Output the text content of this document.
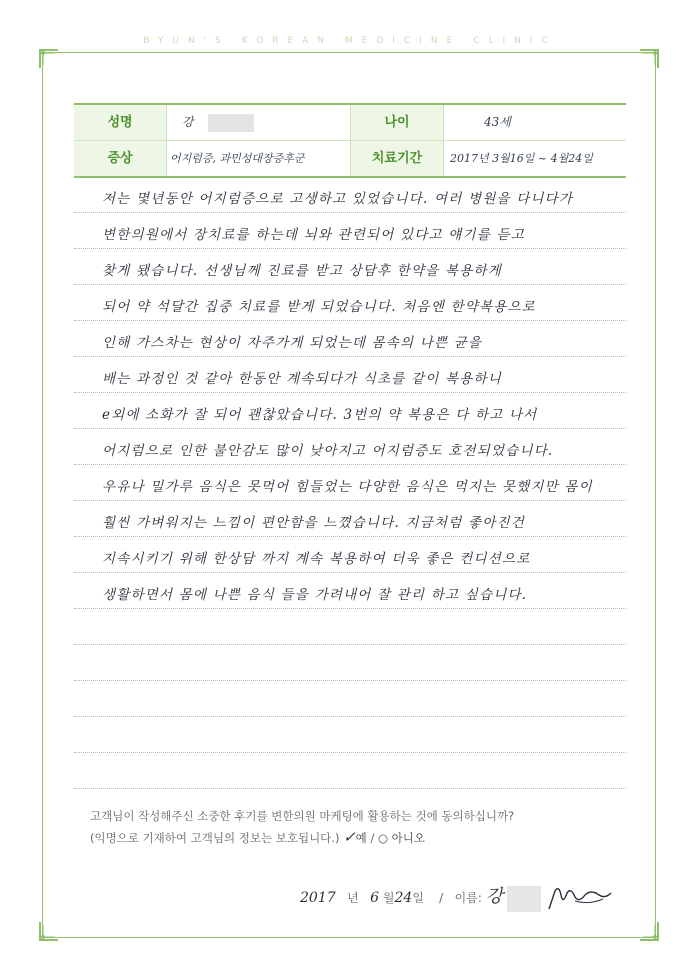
BYUN'S KOREAN MEDICINE CLINIC
성명	강	나이	43세
증상	어지럼증, 과민성대장증후군	치료기간	2017년 3월16일 ~ 4월24일
저는 몇년동안 어지럼증으로 고생하고 있었습니다. 여러 병원을 다니다가
변한의원에서 장치료를 하는데 뇌와 관련되어 있다고 얘기를 듣고
찾게 됐습니다. 선생님께 진료를 받고 상담후 한약을 복용하게
되어 약 석달간 집중 치료를 받게 되었습니다. 처음엔 한약복용으로
인해 가스차는 현상이 자주가게 되었는데 몸속의 나쁜 균을
배는 과정인 것 같아 한동안 계속되다가 식초를 같이 복용하니
e외에 소화가 잘 되어 괜찮았습니다. 3번의 약 복용은 다 하고 나서
어지럼으로 인한 불안감도 많이 낮아지고 어지럼증도 호전되었습니다.
우유나 밀가루 음식은 못먹어 힘들었는 다양한 음식은 먹지는 못했지만 몸이
훨씬 가벼워지는 느낌이 편안함을 느꼈습니다. 지금처럼 좋아진건
지속시키기 위해 한상담 까지 계속 복용하여 더욱 좋은 컨디션으로
생활하면서 몸에 나쁜 음식 들을 가려내어 잘 관리 하고 싶습니다.
고객님이 작성해주신 소중한 후기를 변한의원 마케팅에 활용하는 것에 동의하십니까?
(익명으로 기재하여 고객님의 정보는 보호됩니다.) ✓예 / ○ 아니오
2017 년 6 월24일 / 이름: 강
